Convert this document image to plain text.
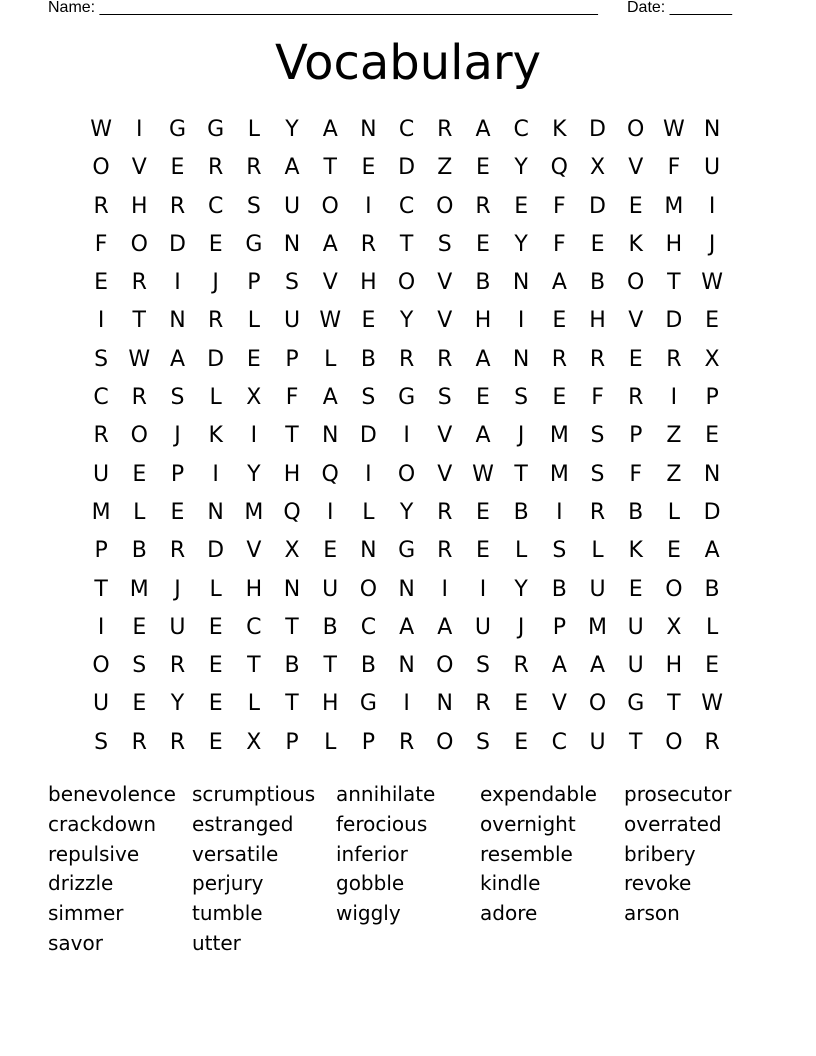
Name: ________________________________________________________ Date: _______
Vocabulary
W	I	G G	L	Y	A	N	C	R	A	C	K	D O W N
O	V	E	R	R	A	T	E	D	Z	E	Y	Q X	V	F	U
R	H	R	C	S	U O	I	C O R	E	F	D	E M	I
F	O D	E	G N	A	R	T	S	E	Y	F	E	K	H	J
E	R	I	J	P	S	V	H O	V	B	N	A	B O	T W
I	T	N	R	L	U W E	Y	V	H	I	E	H	V	D	E
S W A	D	E	P	L	B	R	R	A	N	R	R	E	R	X
C	R	S	L	X	F	A	S	G	S	E	S	E	F	R	I	P
R O	J	K	I	T	N D	I	V	A	J	M S	P	Z	E
U	E	P	I	Y	H Q	I	O	V W T M S	F	Z	N
M	L	E	N M Q	I	L	Y	R	E	B	I	R	B	L	D
P	B	R	D	V	X	E	N G	R	E	L	S	L	K	E	A
T M	J	L	H N U O N	I	I	Y	B	U	E	O B
I	E	U	E	C	T	B	C	A	A	U	J	P	M U	X	L
O	S	R	E	T	B	T	B	N O	S	R	A	A	U H	E
U	E	Y	E	L	T	H G	I	N	R	E	V O G	T W
S	R	R	E	X	P	L	P	R O	S	E	C	U	T	O R
benevolence scrumptious	annihilate	expendable	prosecutor
crackdown	estranged	ferocious	overnight	overrated
repulsive	versatile	inferior	resemble	bribery
drizzle	perjury	gobble	kindle	revoke
simmer	tumble	wiggly	adore	arson
savor	utter
